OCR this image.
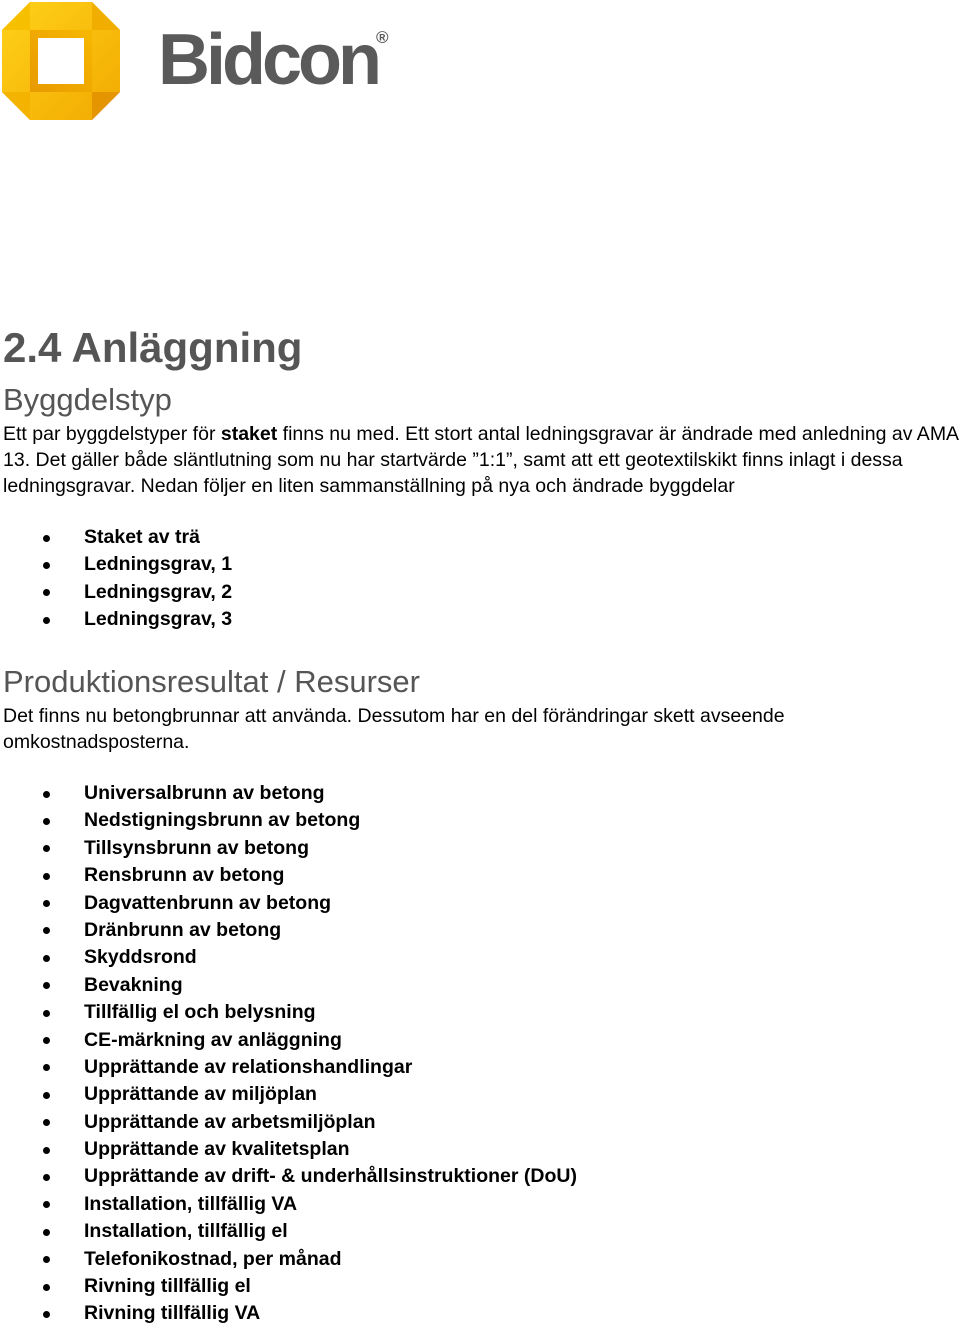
Bidcon
®
2.4 Anläggning
Byggdelstyp

Ett par byggdelstyper för staket finns nu med. Ett stort antal ledningsgravar är ändrade med anledning av AMA 13. Det gäller både släntlutning som nu har startvärde ”1:1”, samt att ett geotextilskikt finns inlagt i dessa ledningsgravar. Nedan följer en liten sammanställning på nya och ändrade byggdelar

Staket av trä
Ledningsgrav, 1
Ledningsgrav, 2
Ledningsgrav, 3
Produktionsresultat / Resurser

Det finns nu betongbrunnar att använda. Dessutom har en del förändringar skett avseende omkostnadsposterna.

Universalbrunn av betong
Nedstigningsbrunn av betong
Tillsynsbrunn av betong
Rensbrunn av betong
Dagvattenbrunn av betong
Dränbrunn av betong
Skyddsrond
Bevakning
Tillfällig el och belysning
CE-märkning av anläggning
Upprättande av relationshandlingar
Upprättande av miljöplan
Upprättande av arbetsmiljöplan
Upprättande av kvalitetsplan
Upprättande av drift- & underhållsinstruktioner (DoU)
Installation, tillfällig VA
Installation, tillfällig el
Telefonikostnad, per månad
Rivning tillfällig el
Rivning tillfällig VA
